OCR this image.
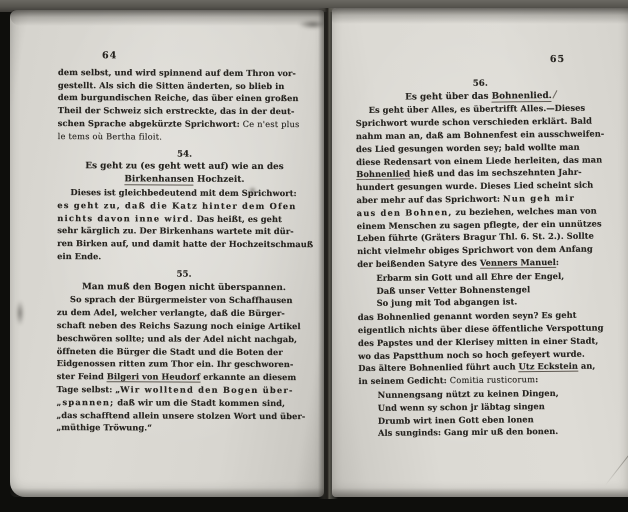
64
dem selbst, und wird spinnend auf dem Thron vor-
gestellt. Als sich die Sitten änderten, so blieb in
dem burgundischen Reiche, das über einen großen
Theil der Schweiz sich erstreckte, das in der deut-
schen Sprache abgekürzte Sprichwort: Ce n'est plus
le tems où Bertha filoit.
54.
Es geht zu (es geht wett auf) wie an des
Birkenhansen Hochzeit.
Dieses ist gleichbedeutend mit dem Sprichwort:
es geht zu, daß die Katz hinter dem Ofen
nichts davon inne wird. Das heißt, es geht
sehr kärglich zu. Der Birkenhans wartete mit dür-
ren Birken auf, und damit hatte der Hochzeitschmauß
ein Ende.
55.
Man muß den Bogen nicht überspannen.
So sprach der Bürgermeister von Schaffhausen
zu dem Adel, welcher verlangte, daß die Bürger-
schaft neben des Reichs Sazung noch einige Artikel
beschwören sollte; und als der Adel nicht nachgab,
öffneten die Bürger die Stadt und die Boten der
Eidgenossen ritten zum Thor ein. Ihr geschworen-
ster Feind Bilgeri von Heudorf erkannte an diesem
Tage selbst: „Wir wolltend den Bogen über-
„spannen; daß wir um die Stadt kommen sind,
„das schafftend allein unsere stolzen Wort und über-
„müthige Tröwung.“
65
56.
Es geht über das Bohnenlied.
Es geht über Alles, es übertrifft Alles.—Dieses
Sprichwort wurde schon verschieden erklärt. Bald
nahm man an, daß am Bohnenfest ein ausschweifen-
des Lied gesungen worden sey; bald wollte man
diese Redensart von einem Liede herleiten, das man
Bohnenlied hieß und das im sechszehnten Jahr-
hundert gesungen wurde. Dieses Lied scheint sich
aber mehr auf das Sprichwort: Nun geh mir
aus den Bohnen, zu beziehen, welches man von
einem Menschen zu sagen pflegte, der ein unnützes
Leben führte (Gräters Bragur Thl. 6. St. 2.). Sollte
nicht vielmehr obiges Sprichwort von dem Anfang
der beißenden Satyre des Venners Manuel:
Erbarm sin Gott und all Ehre der Engel,
Daß unser Vetter Bohnenstengel
So jung mit Tod abgangen ist.
das Bohnenlied genannt worden seyn? Es geht
eigentlich nichts über diese öffentliche Verspottung
des Papstes und der Klerisey mitten in einer Stadt,
wo das Papstthum noch so hoch gefeyert wurde.
Das ältere Bohnenlied führt auch Utz Eckstein an,
in seinem Gedicht: Comitia rusticorum:
Nunnengsang nützt zu keinen Dingen,
Und wenn sy schon jr läbtag singen
Drumb wirt inen Gott eben lonen
Als sunginds: Gang mir uß den bonen.
